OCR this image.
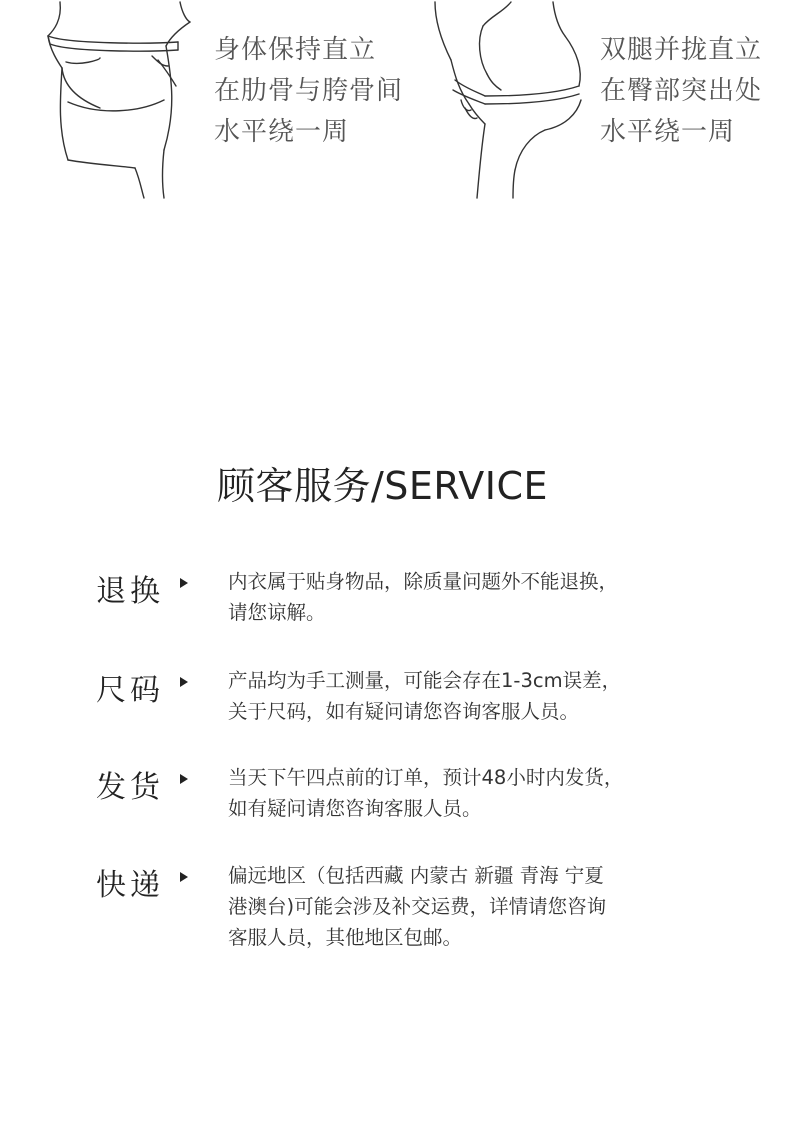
身体保持直立
在肋骨与胯骨间
水平绕一周
双腿并拢直立
在臀部突出处
水平绕一周
顾客服务/SERVICE
退换	内衣属于贴身物品，除质量问题外不能退换，
请您谅解。
尺码	产品均为手工测量，可能会存在1-3cm误差，
关于尺码，如有疑问请您咨询客服人员。
发货	当天下午四点前的订单，预计48小时内发货，
如有疑问请您咨询客服人员。
快递	偏远地区（包括西藏 内蒙古 新疆 青海 宁夏
港澳台)可能会涉及补交运费，详情请您咨询
客服人员，其他地区包邮。
